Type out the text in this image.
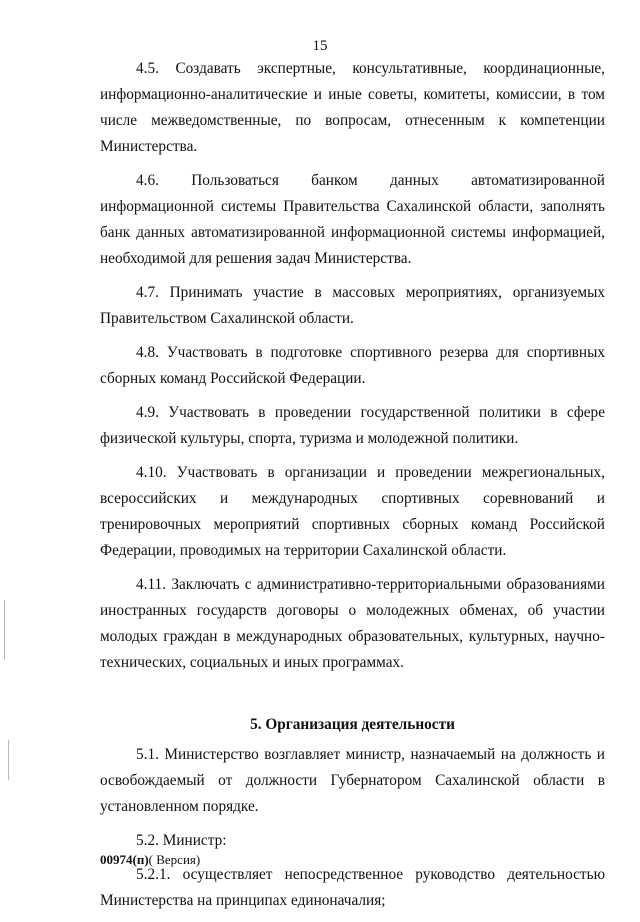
15

4.5. Создавать экспертные, консультативные, координационные, информационно-аналитические и иные советы, комитеты, комиссии, в том числе межведомственные, по вопросам, отнесенным к компетенции Министерства.

4.6. Пользоваться банком данных автоматизированной информационной системы Правительства Сахалинской области, заполнять банк данных автоматизированной информационной системы информацией, необходимой для решения задач Министерства.

4.7. Принимать участие в массовых мероприятиях, организуемых Правительством Сахалинской области.

4.8. Участвовать в подготовке спортивного резерва для спортивных сборных команд Российской Федерации.

4.9. Участвовать в проведении государственной политики в сфере физической культуры, спорта, туризма и молодежной политики.

4.10. Участвовать в организации и проведении межрегиональных, всероссийских и международных спортивных соревнований и тренировочных мероприятий спортивных сборных команд Российской Федерации, проводимых на территории Сахалинской области.

4.11. Заключать с административно-территориальными образованиями иностранных государств договоры о молодежных обменах, об участии молодых граждан в международных образовательных, культурных, научно-технических, социальных и иных программах.

5. Организация деятельности

5.1. Министерство возглавляет министр, назначаемый на должность и освобождаемый от должности Губернатором Сахалинской области в установленном порядке.

5.2. Министр:

5.2.1. осуществляет непосредственное руководство деятельностью Министерства на принципах единоначалия;

00974(п)( Версия)
